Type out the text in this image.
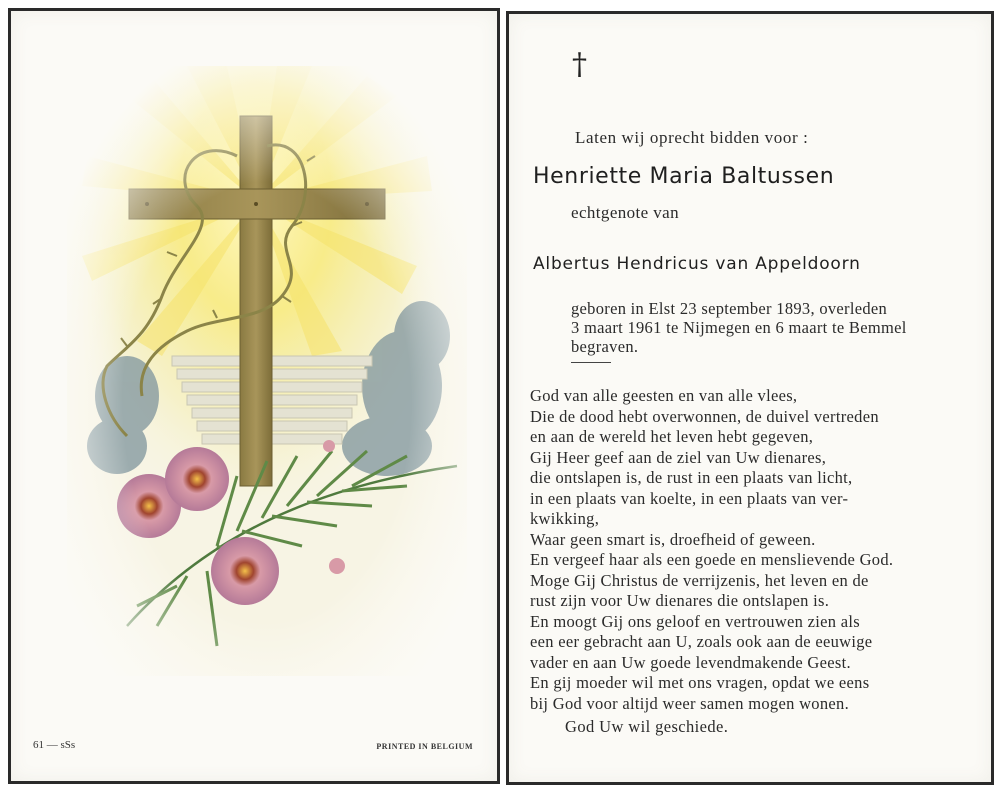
61 — sSs	PRINTED IN BELGIUM
†
Laten wij oprecht bidden voor :
Henriette Maria Baltussen
echtgenote van
Albertus Hendricus van Appeldoorn
geboren in Elst 23 september 1893, overleden
3 maart 1961 te Nijmegen en 6 maart te Bemmel
begraven.
God van alle geesten en van alle vlees,
Die de dood hebt overwonnen, de duivel vertreden
en aan de wereld het leven hebt gegeven,
Gij Heer geef aan de ziel van Uw dienares,
die ontslapen is, de rust in een plaats van licht,
in een plaats van koelte, in een plaats van ver-
kwikking,
Waar geen smart is, droefheid of geween.
En vergeef haar als een goede en menslievende God.
Moge Gij Christus de verrijzenis, het leven en de
rust zijn voor Uw dienares die ontslapen is.
En moogt Gij ons geloof en vertrouwen zien als
een eer gebracht aan U, zoals ook aan de eeuwige
vader en aan Uw goede levendmakende Geest.
En gij moeder wil met ons vragen, opdat we eens
bij God voor altijd weer samen mogen wonen.
God Uw wil geschiede.
